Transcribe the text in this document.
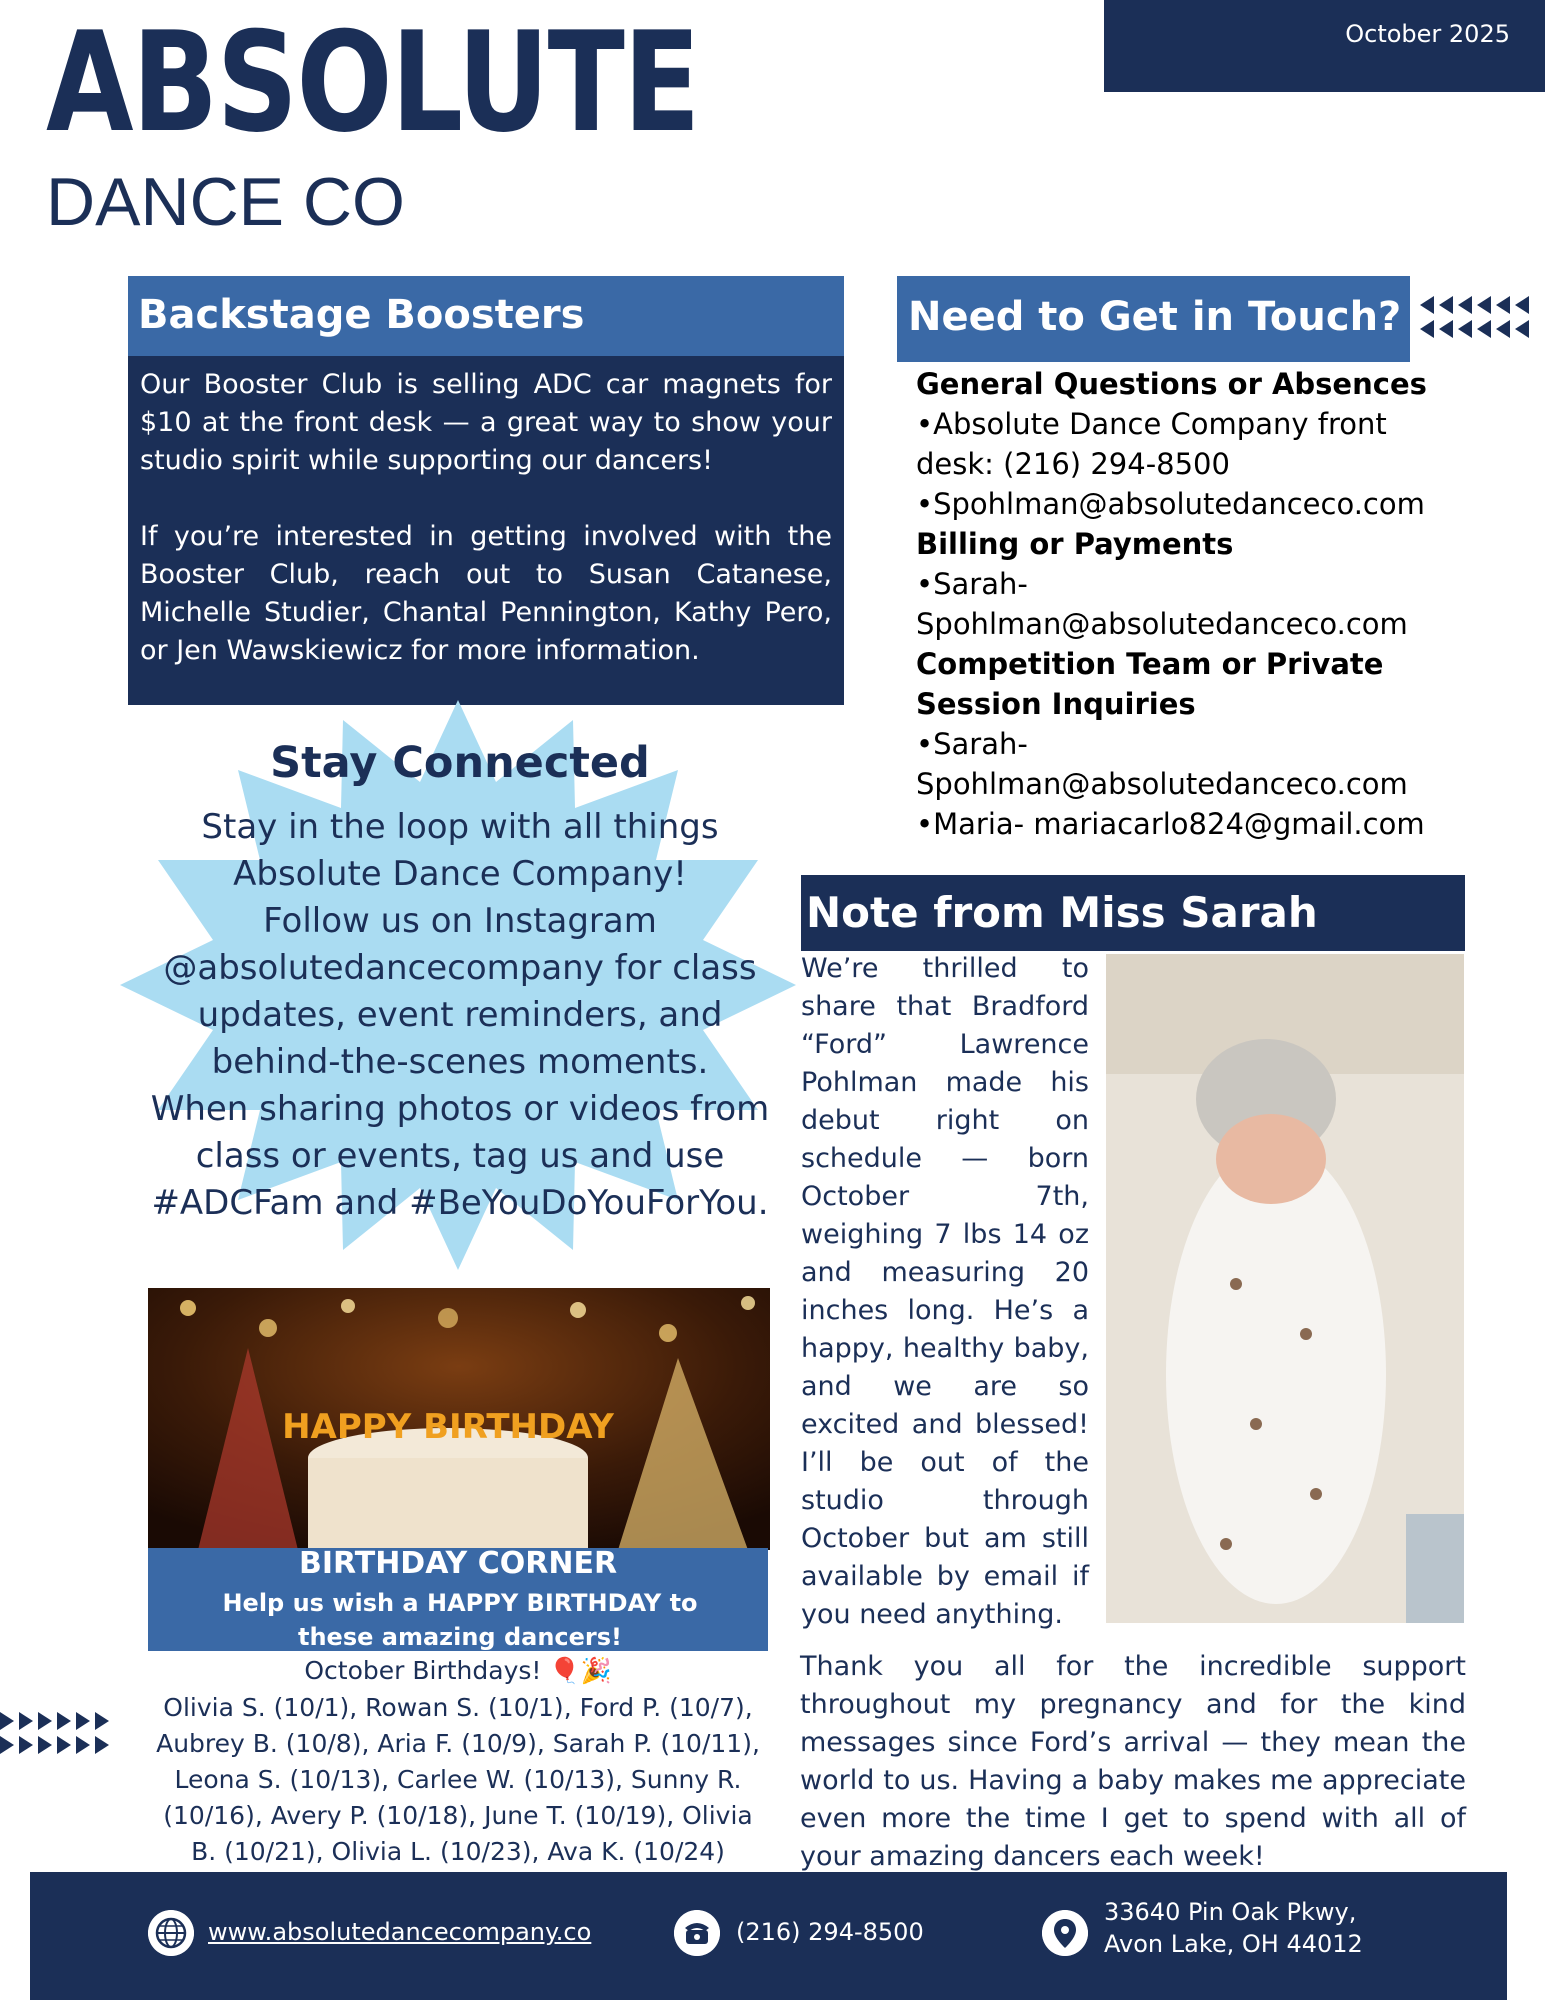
October 2025
ABSOLUTE
DANCE CO
Backstage Boosters

Our Booster Club is selling ADC car magnets for $10 at the front desk — a great way to show your studio spirit while supporting our dancers!

If you’re interested in getting involved with the Booster Club, reach out to Susan Catanese, Michelle Studier, Chantal Pennington, Kathy Pero, or Jen Wawskiewicz for more information.

Need to Get in Touch?
General Questions or Absences
•Absolute Dance Company front desk: (216) 294-8500
•Spohlman@absolutedanceco.com
Billing or Payments
•Sarah- Spohlman@absolutedanceco.com
Competition Team or Private Session Inquiries
•Sarah- Spohlman@absolutedanceco.com
•Maria- mariacarlo824@gmail.com
Stay Connected
Stay in the loop with all things
Absolute Dance Company!
Follow us on Instagram
@absolutedancecompany for class
updates, event reminders, and
behind-the-scenes moments.
When sharing photos or videos from
class or events, tag us and use
#ADCFam and #BeYouDoYouForYou.
HAPPY BIRTHDAY
BIRTHDAY CORNER
Help us wish a HAPPY BIRTHDAY to these amazing dancers!
October Birthdays! 🎈🎉
Olivia S. (10/1), Rowan S. (10/1), Ford P. (10/7), Aubrey B. (10/8), Aria F. (10/9), Sarah P. (10/11), Leona S. (10/13), Carlee W. (10/13), Sunny R. (10/16), Avery P. (10/18), June T. (10/19), Olivia B. (10/21), Olivia L. (10/23), Ava K. (10/24)
Note from Miss Sarah
We’re thrilled to share that Bradford “Ford” Lawrence Pohlman made his debut right on schedule — born October 7th, weighing 7 lbs 14 oz and measuring 20 inches long. He’s a happy, healthy baby, and we are so excited and blessed! I’ll be out of the studio through October but am still available by email if you need anything.
Thank you all for the incredible support throughout my pregnancy and for the kind messages since Ford’s arrival — they mean the world to us. Having a baby makes me appreciate even more the time I get to spend with all of your amazing dancers each week!
www.absolutedancecompany.co	(216) 294-8500
33640 Pin Oak Pkwy,
Avon Lake, OH 44012
